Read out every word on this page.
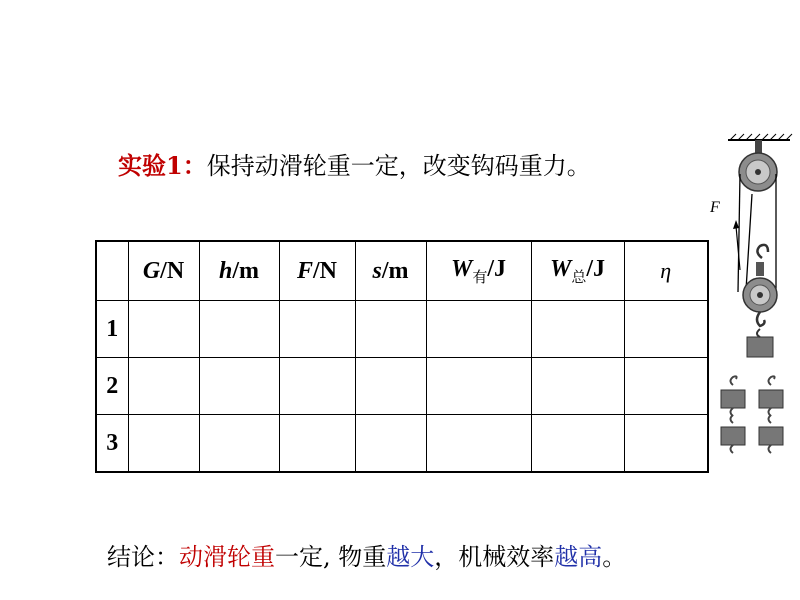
实验1：保持动滑轮重一定，改变钩码重力。
	G/N	h/m	F/N	s/m	$W_有/J$	$W_总/J$	η
1							
2							
3							
F
结论：动滑轮重一定, 物重越大，机械效率越高。
